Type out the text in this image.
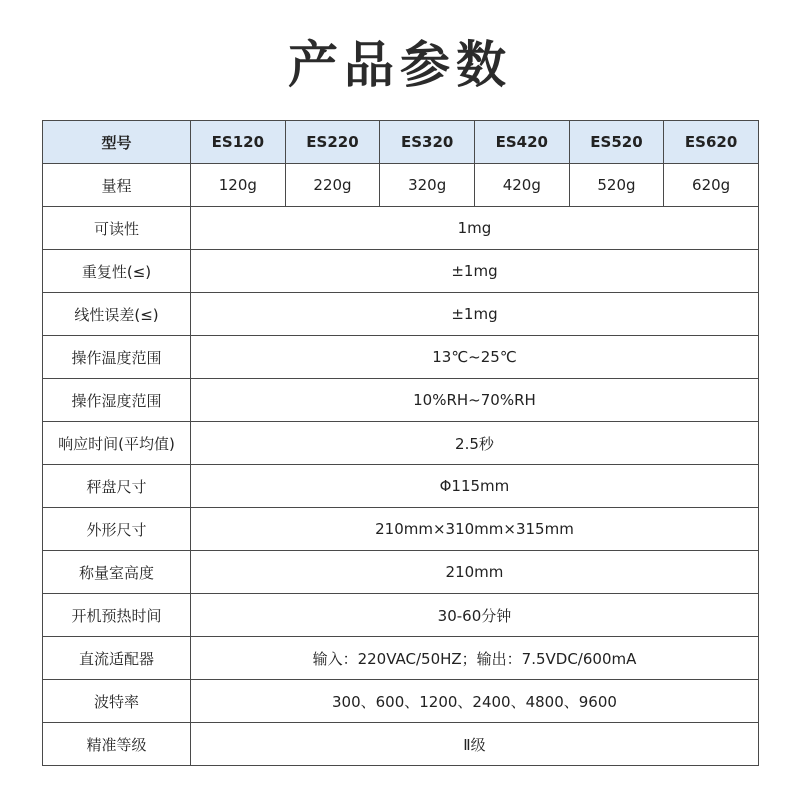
产品参数
型号	ES120	ES220	ES320	ES420	ES520	ES620
量程	120g	220g	320g	420g	520g	620g
可读性	1mg					
重复性(≤)	±1mg					
线性误差(≤)	±1mg					
操作温度范围	13℃~25℃					
操作湿度范围	10%RH~70%RH					
响应时间(平均值)	2.5秒					
秤盘尺寸	Φ115mm					
外形尺寸	210mm×310mm×315mm					
称量室高度	210mm					
开机预热时间	30-60分钟					
直流适配器	输入：220VAC/50HZ；输出：7.5VDC/600mA					
波特率	300、600、1200、2400、4800、9600					
精准等级	Ⅱ级					
